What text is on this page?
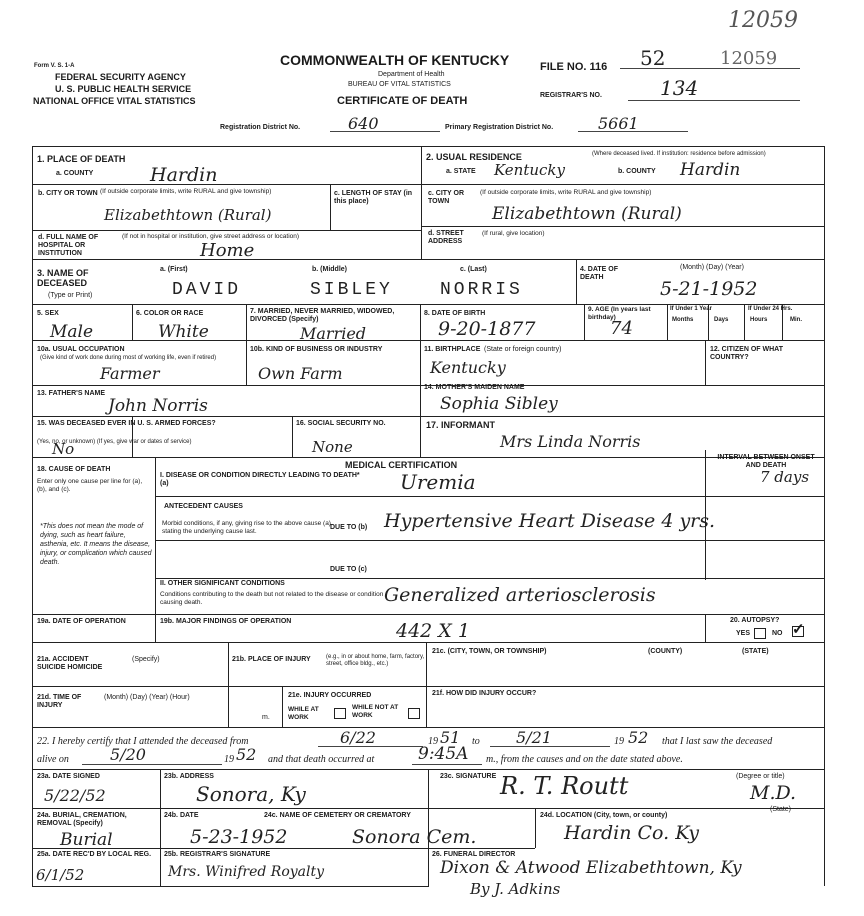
12059
Form V. S. 1-A
FEDERAL SECURITY AGENCY
U. S. PUBLIC HEALTH SERVICE
NATIONAL OFFICE VITAL STATISTICS
COMMONWEALTH OF KENTUCKY
Department of Health
BUREAU OF VITAL STATISTICS
CERTIFICATE OF DEATH
FILE NO. 116 52	12059
REGISTRAR'S NO.	134
Registration District No.	640	Primary Registration District No.	5661
1. PLACE OF DEATH
a. COUNTY	Hardin
b. CITY OR TOWN (If outside corporate limits, write RURAL and give township)
Elizabethtown (Rural)
c. LENGTH OF STAY (in this place)
d. FULL NAME OF HOSPITAL OR INSTITUTION
(If not in hospital or institution, give street address or location)
Home
2. USUAL RESIDENCE	(Where deceased lived. If institution: residence before admission)
a. STATE Kentucky	b. COUNTY Hardin
c. CITY OR TOWN
(If outside corporate limits, write RURAL and give township)
Elizabethtown (Rural)
d. STREET ADDRESS
(If rural, give location)
3. NAME OF DECEASED
(Type or Print)
a. (First)	b. (Middle)	c. (Last)
DAVID	SIBLEY	NORRIS
4. DATE OF DEATH
(Month) (Day) (Year)
5-21-1952
5. SEX
Male
6. COLOR OR RACE
White
7. MARRIED, NEVER MARRIED, WIDOWED, DIVORCED (Specify)
Married
8. DATE OF BIRTH
9-20-1877
9. AGE (In years last birthday)
74
If Under 1 Year	If Under 24 Hrs.
Months	Days	Hours	Min.
10a. USUAL OCCUPATION
(Give kind of work done during most of working life, even if retired)
Farmer
10b. KIND OF BUSINESS OR INDUSTRY
Own Farm
11. BIRTHPLACE (State or foreign country)
Kentucky
12. CITIZEN OF WHAT COUNTRY?
13. FATHER'S NAME
John Norris
14. MOTHER'S MAIDEN NAME
Sophia Sibley
15. WAS DECEASED EVER IN U. S. ARMED FORCES?
(Yes, no, or unknown) (If yes, give war or dates of service)
No
16. SOCIAL SECURITY NO.
None
17. INFORMANT
Mrs Linda Norris
MEDICAL CERTIFICATION
18. CAUSE OF DEATH
Enter only one cause per line for (a), (b), and (c).
I. DISEASE OR CONDITION DIRECTLY LEADING TO DEATH* (a)	Uremia
INTERVAL BETWEEN ONSET AND DEATH
7 days
ANTECEDENT CAUSES
Morbid conditions, if any, giving rise to the above cause (a) stating the underlying cause last.
DUE TO (b) Hypertensive Heart Disease 4 yrs.
DUE TO (c)
*This does not mean the mode of dying, such as heart failure, asthenia, etc. It means the disease, injury, or complication which caused death.
II. OTHER SIGNIFICANT CONDITIONS
Conditions contributing to the death but not related to the disease or condition causing death.	Generalized arteriosclerosis
19a. DATE OF OPERATION	19b. MAJOR FINDINGS OF OPERATION	442 X 1	20. AUTOPSY?
YES	NO ✓
21a. ACCIDENT SUICIDE HOMICIDE
(Specify)	21b. PLACE OF INJURY	(e.g., in or about home, farm, factory, street, office bldg., etc.)
21c. (CITY, TOWN, OR TOWNSHIP)	(COUNTY)	(STATE)
21d. TIME OF INJURY
(Month) (Day) (Year) (Hour)
m.
21e. INJURY OCCURRED
WHILE AT WORK
WHILE NOT AT WORK
21f. HOW DID INJURY OCCUR?
22. I hereby certify that I attended the deceased from	6/22	19 51 to 5/21	19 52 that I last saw the deceased
alive on	5/20	19 52 and that death occurred at	9:45A m., from the causes and on the date stated above.
23a. DATE SIGNED
5/22/52
23b. ADDRESS
Sonora, Ky
23c. SIGNATURE R. T. Routt	(Degree or title)
M.D.
24a. BURIAL, CREMATION, REMOVAL (Specify)
Burial
24b. DATE
5-23-1952
24c. NAME OF CEMETERY OR CREMATORY
Sonora Cem.
24d. LOCATION (City, town, or county)
(State)
Hardin Co. Ky
25a. DATE REC'D BY LOCAL REG.
6/1/52
25b. REGISTRAR'S SIGNATURE
Mrs. Winifred Royalty
26. FUNERAL DIRECTOR
Dixon & Atwood Elizabethtown, Ky
By J. Adkins
